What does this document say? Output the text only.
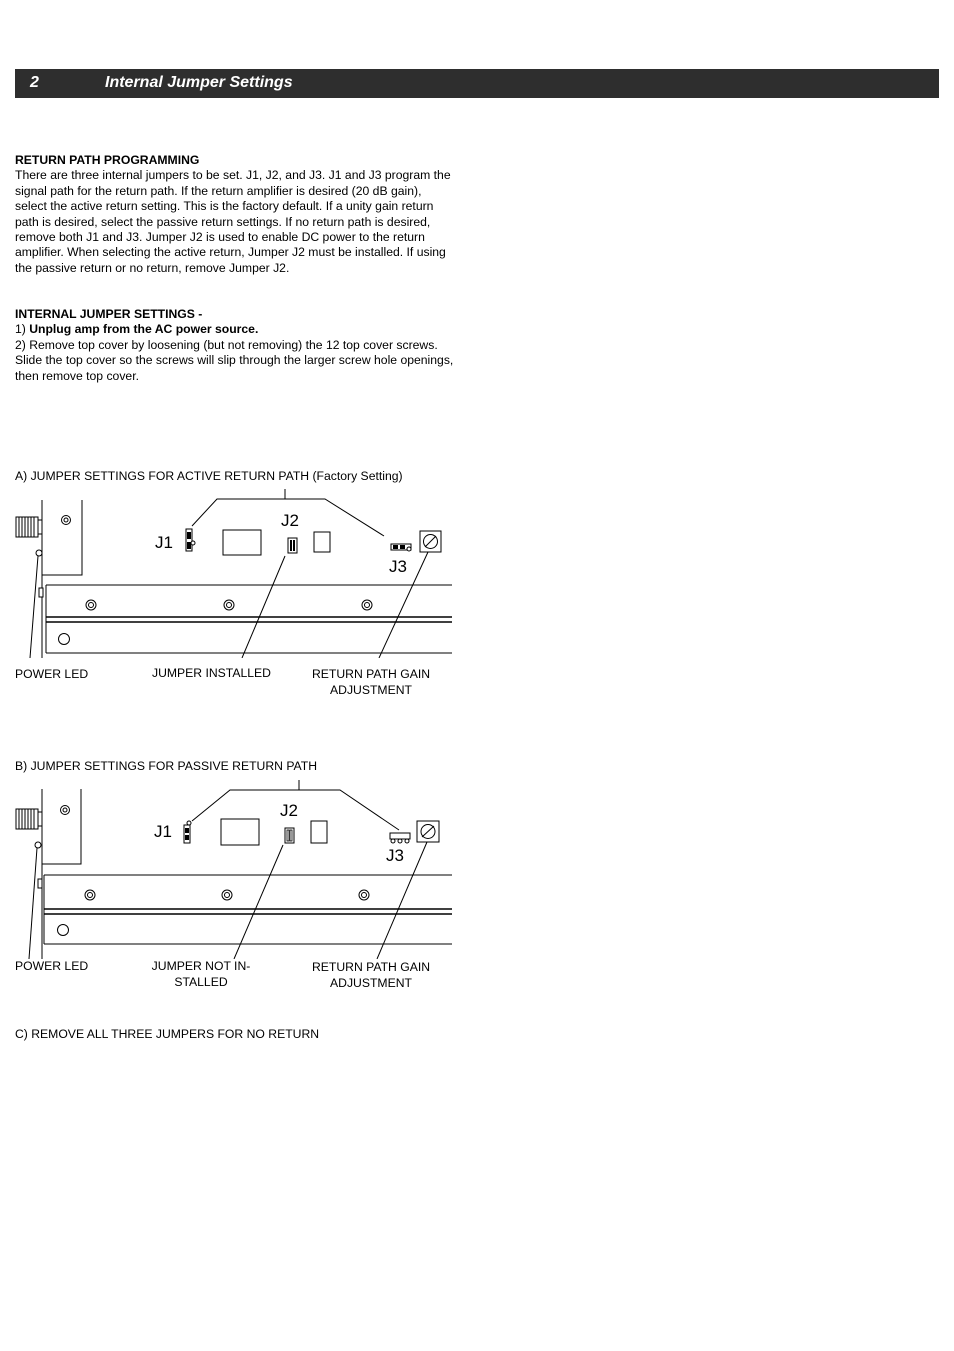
2	Internal Jumper Settings

RETURN PATH PROGRAMMING

There are three internal jumpers to be set. J1, J2, and J3. J1 and J3 program the signal path for the return path. If the return amplifier is desired (20 dB gain), select the active return setting. This is the factory default. If a unity gain return path is desired, select the passive return settings. If no return path is desired, remove both J1 and J3. Jumper J2 is used to enable DC power to the return amplifier. When selecting the active return, Jumper J2 must be installed. If using the passive return or no return, remove Jumper J2.

INTERNAL JUMPER SETTINGS -

1) Unplug amp from the AC power source.

2) Remove top cover by loosening (but not removing) the 12 top cover screws. Slide the top cover so the screws will slip through the larger screw hole openings, then remove top cover.

A) JUMPER SETTINGS FOR ACTIVE RETURN PATH (Factory Setting)
J1
J2
J3
POWER LED	JUMPER INSTALLED	RETURN PATH GAIN
ADJUSTMENT
B) JUMPER SETTINGS FOR PASSIVE RETURN PATH
J1
J2
J3
POWER LED	JUMPER NOT IN-
STALLED
RETURN PATH GAIN
ADJUSTMENT
C) REMOVE ALL THREE JUMPERS FOR NO RETURN
